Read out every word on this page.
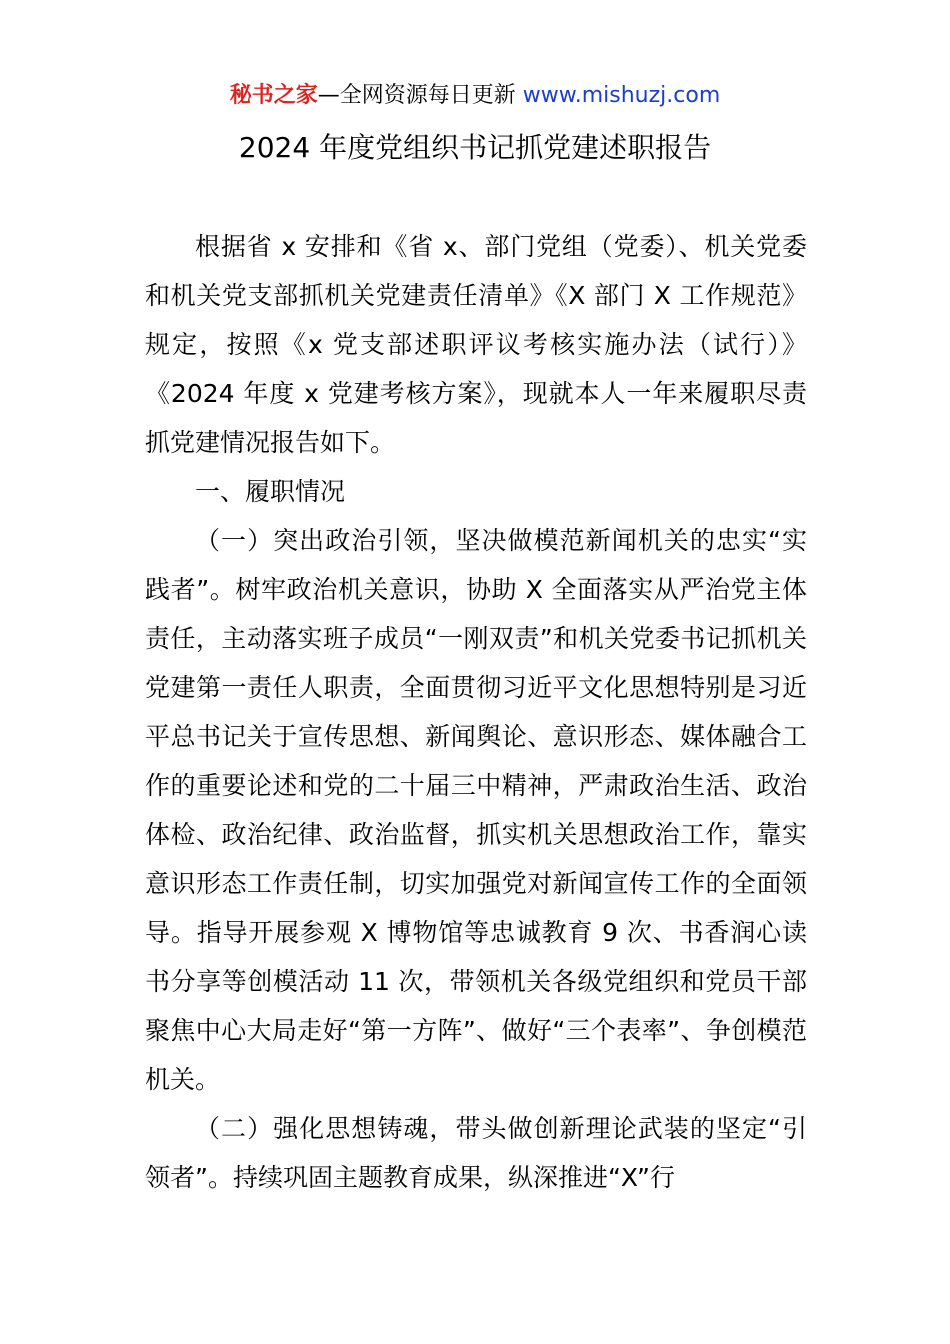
秘书之家—全网资源每日更新 www.mishuzj.com
2024 年度党组织书记抓党建述职报告

根据省 x 安排和《省 x、部门党组（党委）、机关党委和机关党支部抓机关党建责任清单》《X 部门 X 工作规范》规定，按照《x 党支部述职评议考核实施办法（试行）》《2024 年度 x 党建考核方案》，现就本人一年来履职尽责抓党建情况报告如下。

一、履职情况

（一）突出政治引领，坚决做模范新闻机关的忠实“实践者”。树牢政治机关意识，协助 X 全面落实从严治党主体责任，主动落实班子成员“一刚双责”和机关党委书记抓机关党建第一责任人职责，全面贯彻习近平文化思想特别是习近平总书记关于宣传思想、新闻舆论、意识形态、媒体融合工作的重要论述和党的二十届三中精神，严肃政治生活、政治体检、政治纪律、政治监督，抓实机关思想政治工作，靠实意识形态工作责任制，切实加强党对新闻宣传工作的全面领导。指导开展参观 X 博物馆等忠诚教育 9 次、书香润心读书分享等创模活动 11 次，带领机关各级党组织和党员干部聚焦中心大局走好“第一方阵”、做好“三个表率”、争创模范机关。

（二）强化思想铸魂，带头做创新理论武装的坚定“引领者”。持续巩固主题教育成果，纵深推进“X”行
